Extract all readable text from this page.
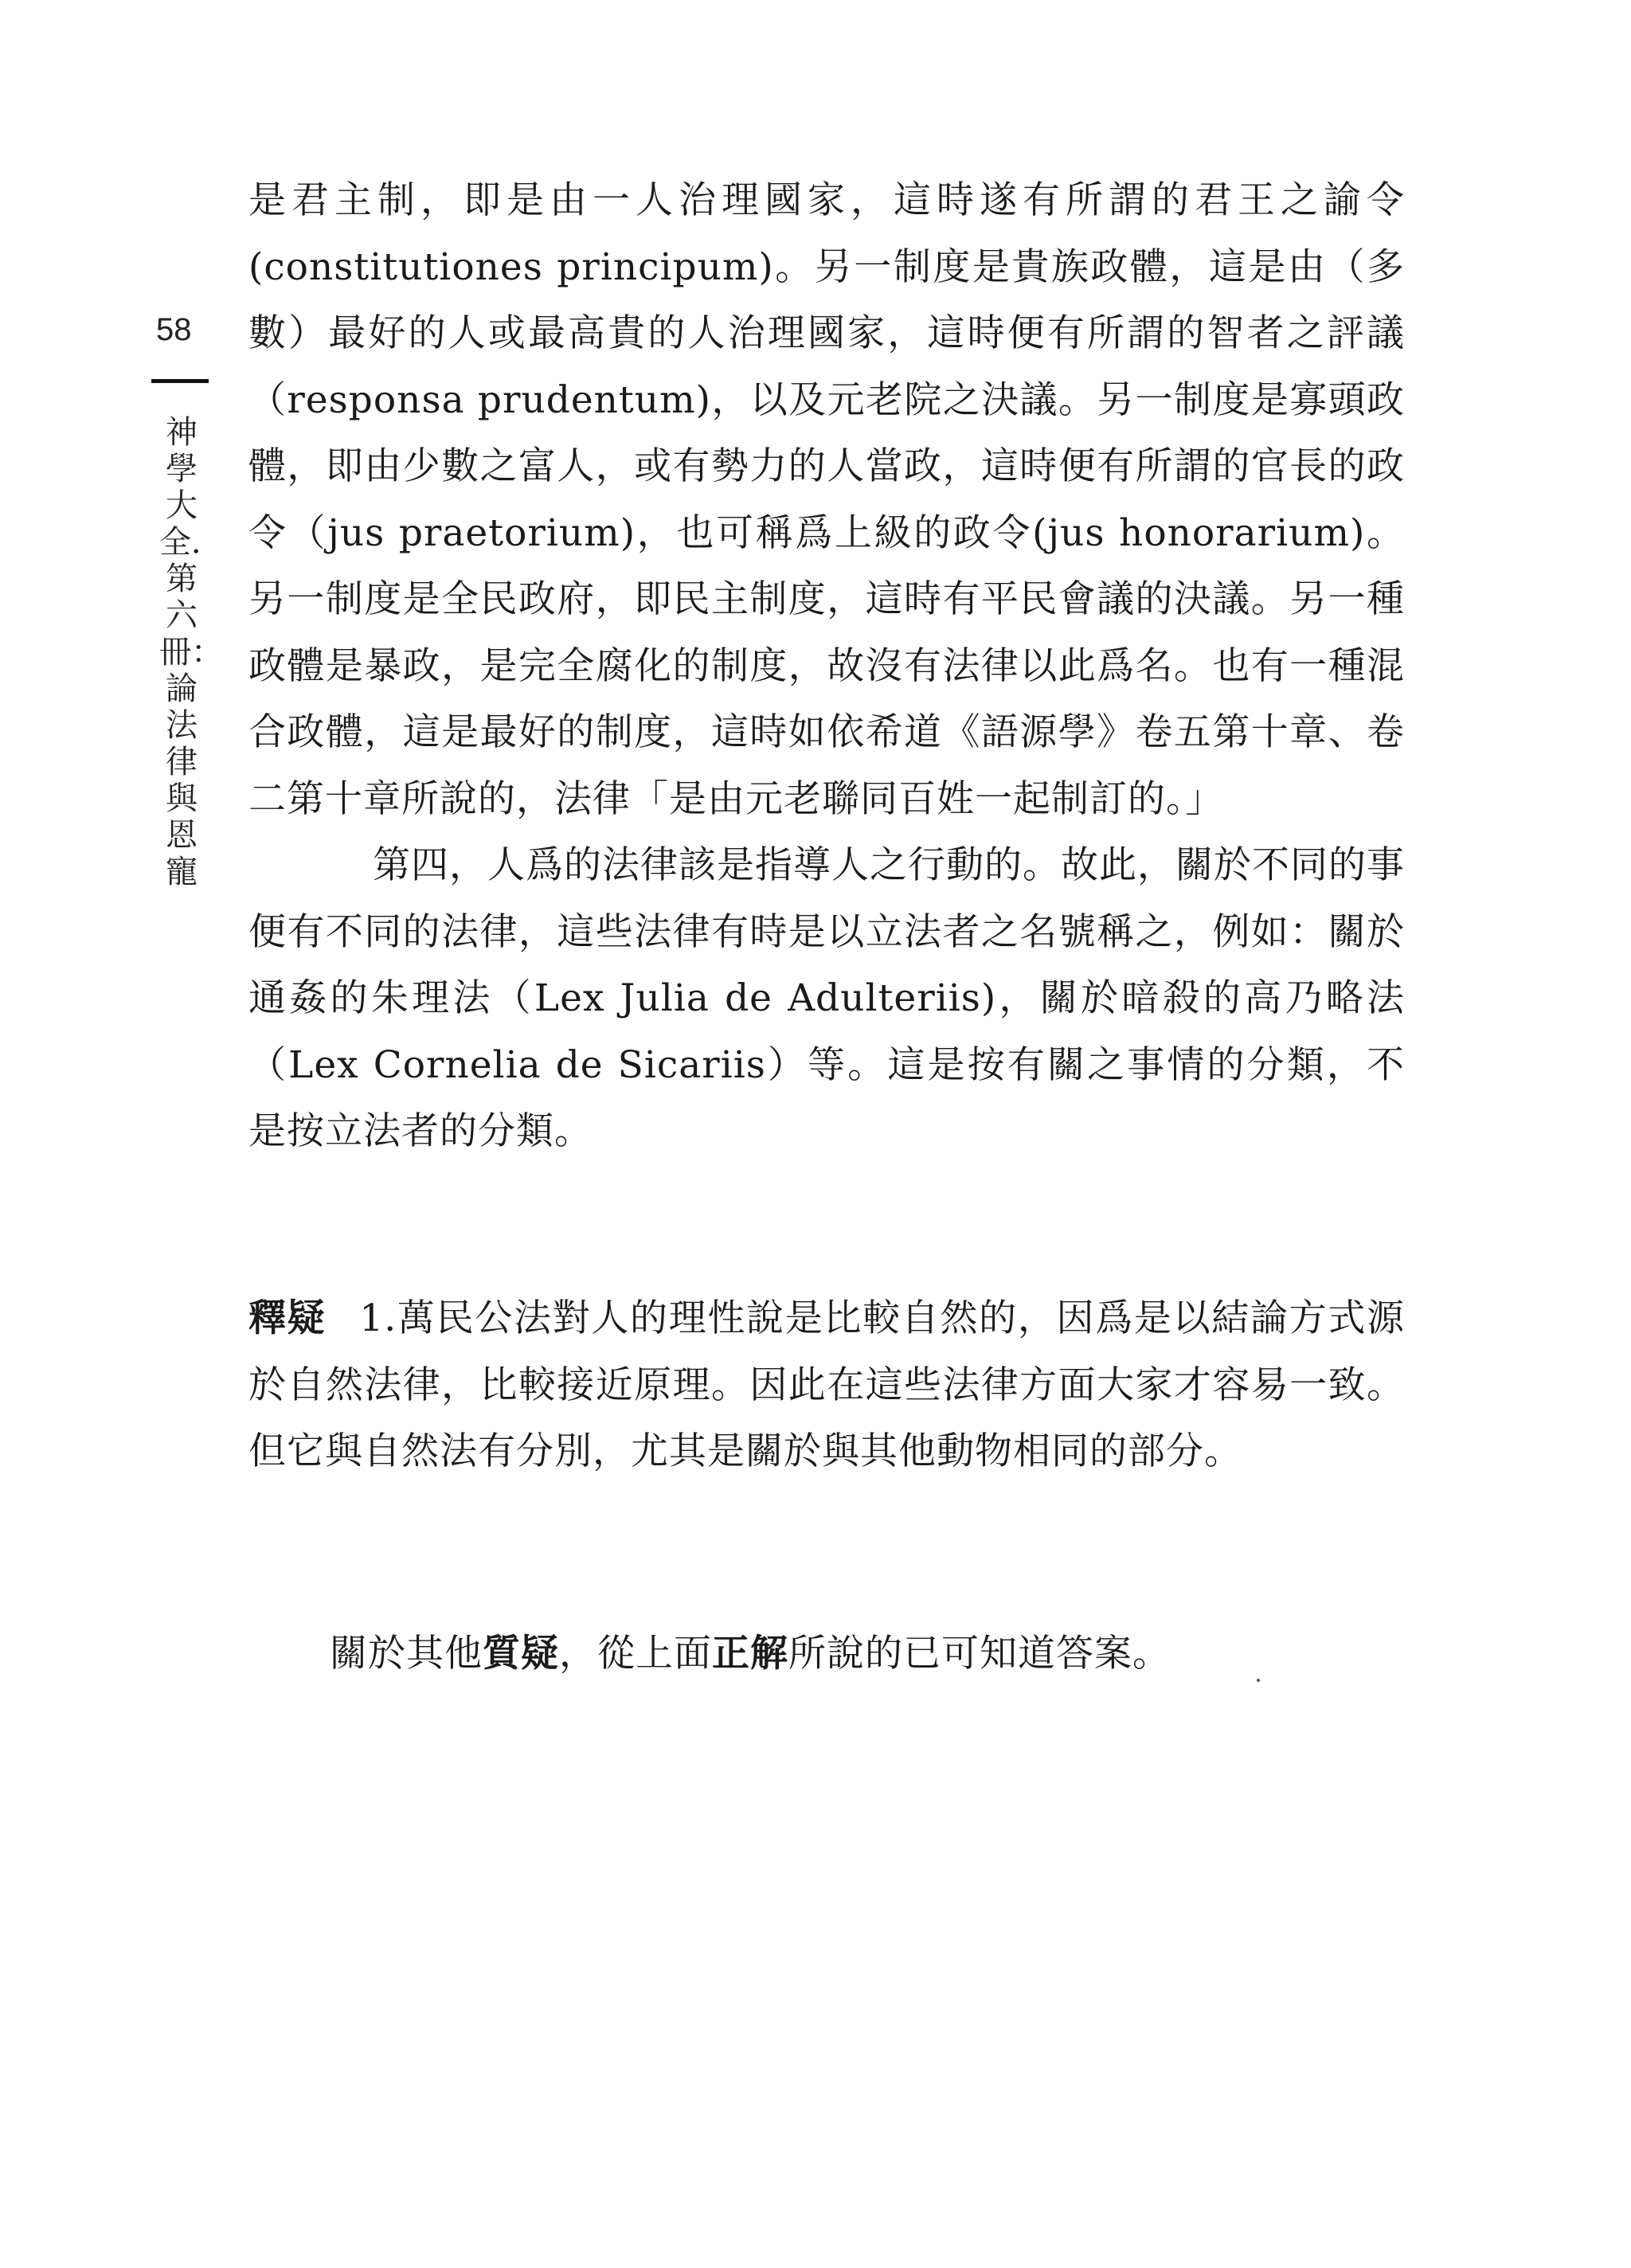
58
神學大全．第六冊：論法律與恩寵

是君主制，即是由一人治理國家，這時遂有所謂的君王之諭令(constitutiones principum)。另一制度是貴族政體，這是由（多數）最好的人或最高貴的人治理國家，這時便有所謂的智者之評議（responsa prudentum)，以及元老院之決議。另一制度是寡頭政體，即由少數之富人，或有勢力的人當政，這時便有所謂的官長的政令（jus praetorium)，也可稱爲上級的政令(jus honorarium)。另一制度是全民政府，即民主制度，這時有平民會議的決議。另一種政體是暴政，是完全腐化的制度，故沒有法律以此爲名。也有一種混合政體，這是最好的制度，這時如依希道《語源學》卷五第十章、卷二第十章所說的，法律「是由元老聯同百姓一起制訂的。」

第四，人爲的法律該是指導人之行動的。故此，關於不同的事便有不同的法律，這些法律有時是以立法者之名號稱之，例如：關於通姦的朱理法（Lex Julia de Adulteriis)，關於暗殺的高乃略法（Lex Cornelia de Sicariis）等。這是按有關之事情的分類，不是按立法者的分類。

釋疑 1.萬民公法對人的理性說是比較自然的，因爲是以結論方式源於自然法律，比較接近原理。因此在這些法律方面大家才容易一致。但它與自然法有分別，尤其是關於與其他動物相同的部分。

關於其他質疑，從上面正解所說的已可知道答案。
